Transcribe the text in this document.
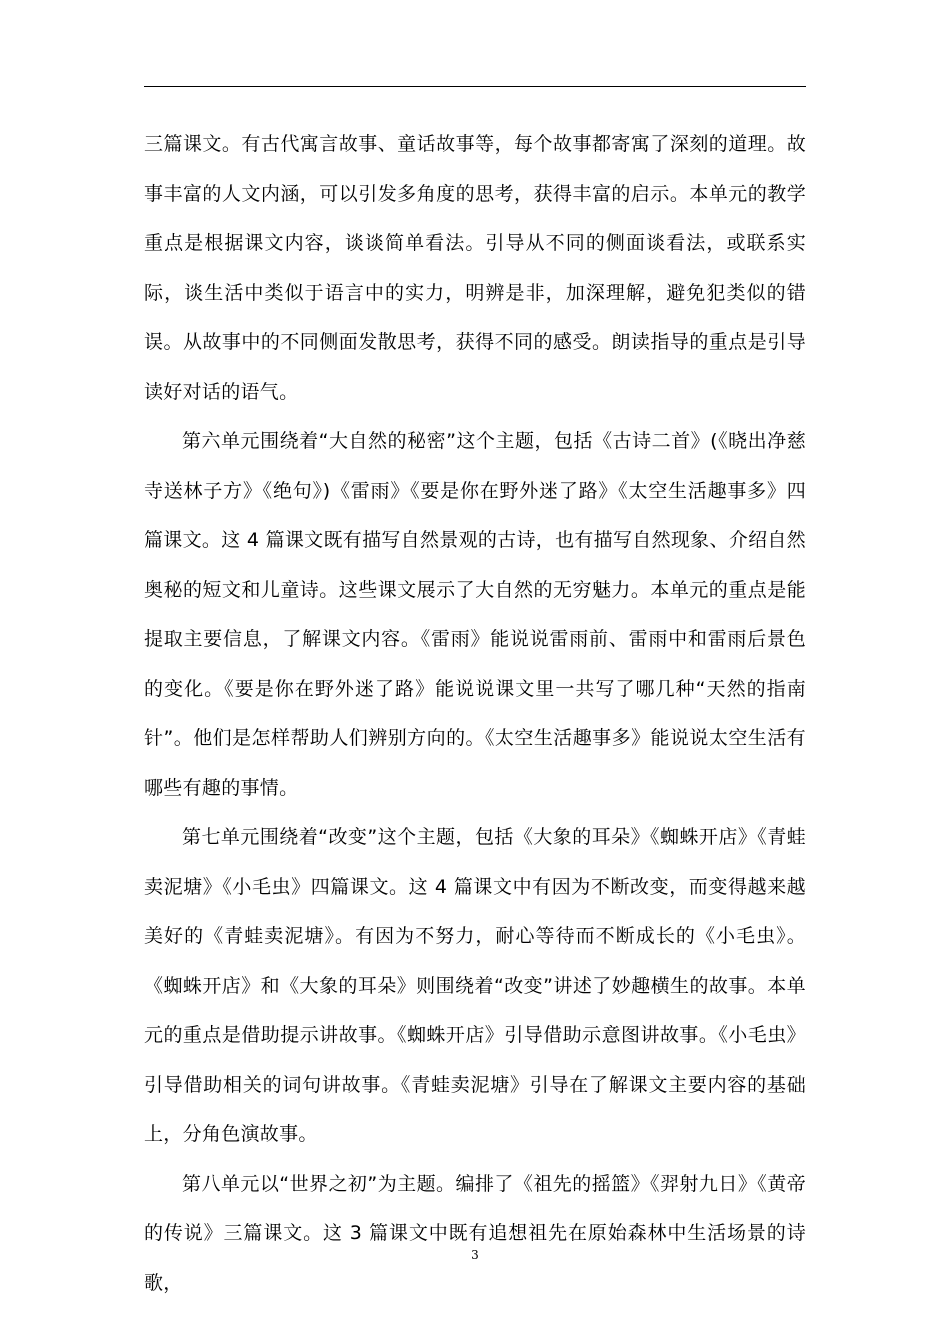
三篇课文。有古代寓言故事、童话故事等，每个故事都寄寓了深刻的道理。故事丰富的人文内涵，可以引发多角度的思考，获得丰富的启示。本单元的教学重点是根据课文内容，谈谈简单看法。引导从不同的侧面谈看法，或联系实际，谈生活中类似于语言中的实力，明辨是非，加深理解，避免犯类似的错误。从故事中的不同侧面发散思考，获得不同的感受。朗读指导的重点是引导读好对话的语气。

第六单元围绕着“大自然的秘密”这个主题，包括《古诗二首》(《晓出净慈寺送林子方》《绝句》)《雷雨》《要是你在野外迷了路》《太空生活趣事多》四篇课文。这 4 篇课文既有描写自然景观的古诗，也有描写自然现象、介绍自然奥秘的短文和儿童诗。这些课文展示了大自然的无穷魅力。本单元的重点是能提取主要信息，了解课文内容。《雷雨》能说说雷雨前、雷雨中和雷雨后景色的变化。《要是你在野外迷了路》能说说课文里一共写了哪几种“天然的指南针”。他们是怎样帮助人们辨别方向的。《太空生活趣事多》能说说太空生活有哪些有趣的事情。

第七单元围绕着“改变”这个主题，包括《大象的耳朵》《蜘蛛开店》《青蛙卖泥塘》《小毛虫》四篇课文。这 4 篇课文中有因为不断改变，而变得越来越美好的《青蛙卖泥塘》。有因为不努力，耐心等待而不断成长的《小毛虫》。《蜘蛛开店》和《大象的耳朵》则围绕着“改变”讲述了妙趣横生的故事。本单元的重点是借助提示讲故事。《蜘蛛开店》引导借助示意图讲故事。《小毛虫》引导借助相关的词句讲故事。《青蛙卖泥塘》引导在了解课文主要内容的基础上，分角色演故事。

第八单元以“世界之初”为主题。编排了《祖先的摇篮》《羿射九日》《黄帝的传说》三篇课文。这 3 篇课文中既有追想祖先在原始森林中生活场景的诗歌，

3
